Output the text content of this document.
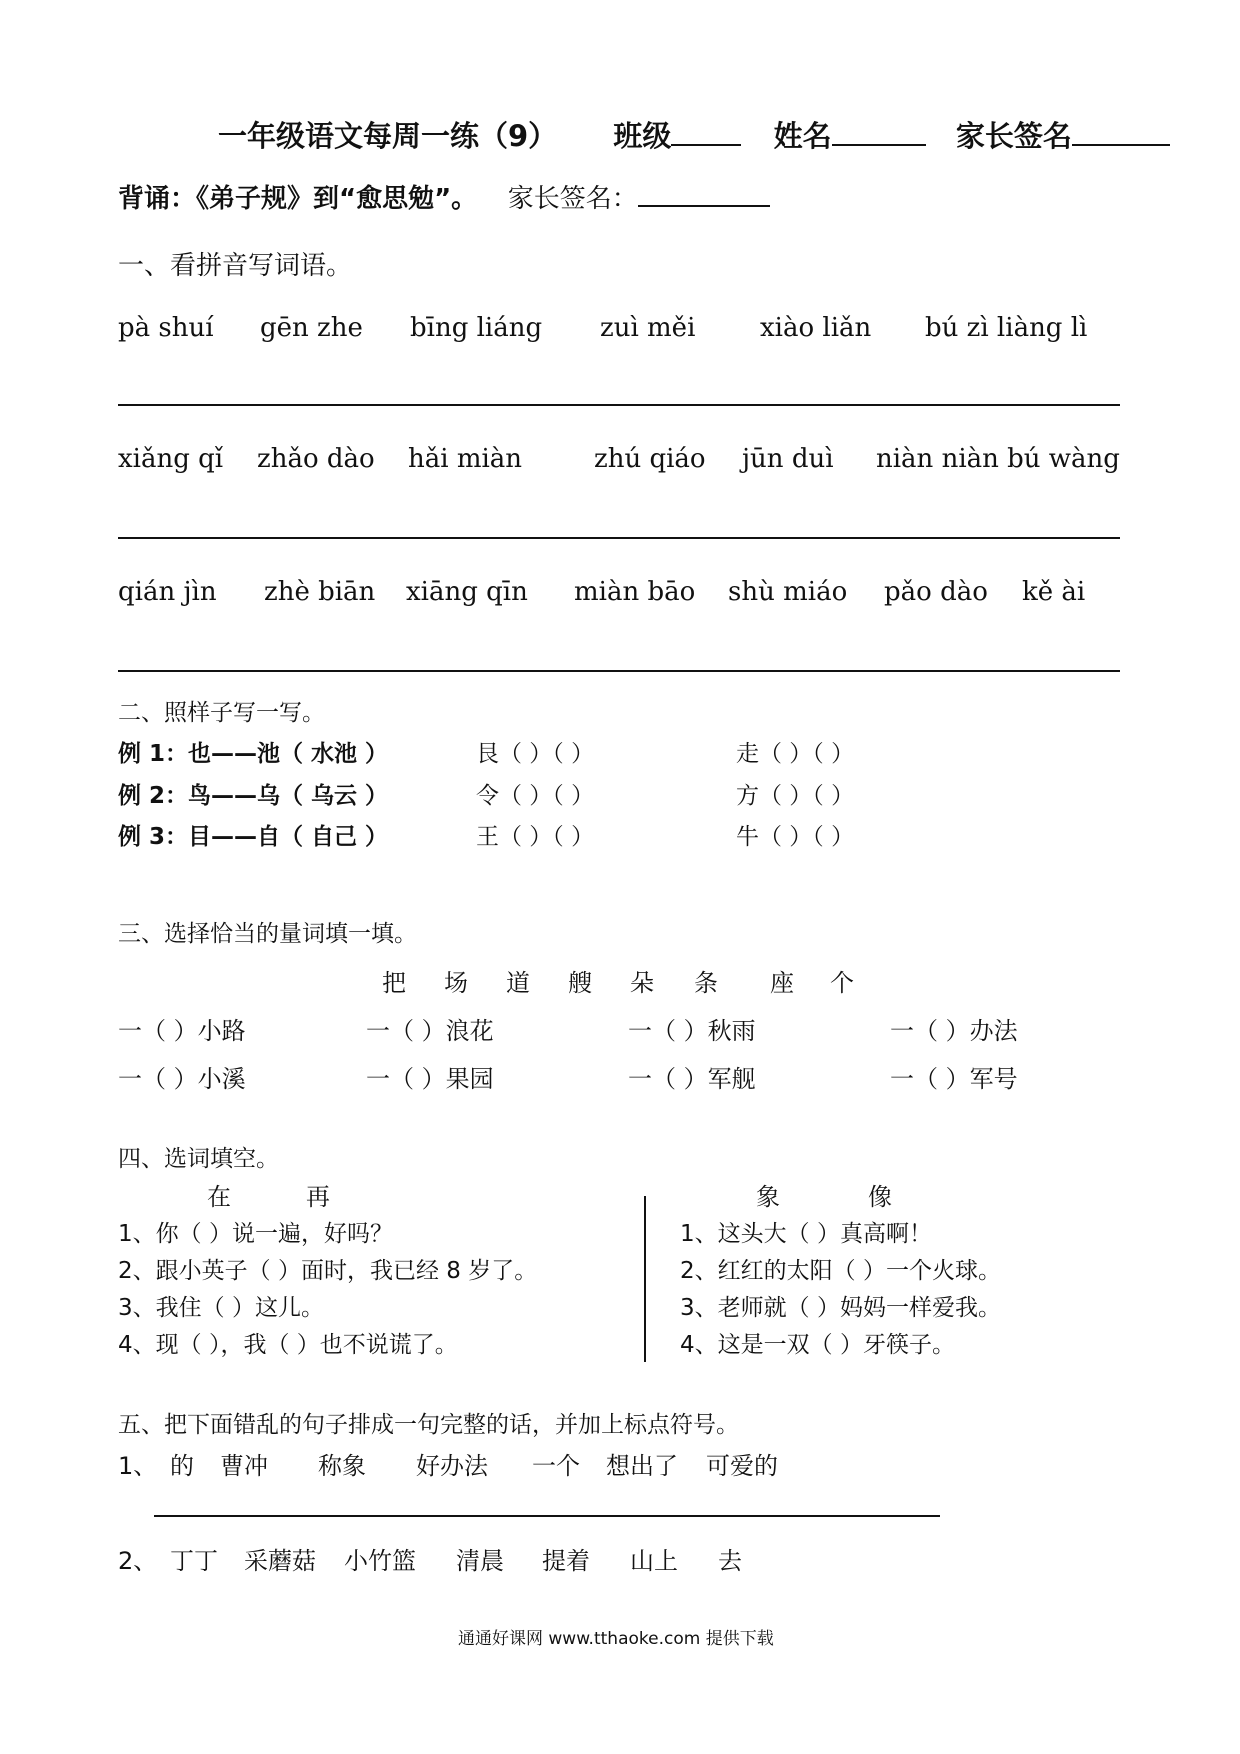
一年级语文每周一练（9） 班级	姓名	家长签名
背诵：《弟子规》到“愈思勉”。 家长签名：
一、看拼音写词语。
pà shuí gēn zhe bīng liáng zuì měi xiào liǎn bú zì liàng lì
xiǎng qǐ zhǎo dào hǎi miàn	zhú qiáo jūn duì niàn niàn bú wàng
qián jìn zhè biān xiāng qīn miàn bāo shù miáo pǎo dào kě ài
二、照样子写一写。
例 1：也——池（ 水池 ）	艮（ ）（ ）	走（ ）（ ）
例 2：鸟——乌（ 乌云 ）	令（ ）（ ）	方（ ）（ ）
例 3：目——自（ 自己 ）	王（ ）（ ）	牛（ ）（ ）
三、选择恰当的量词填一填。
把 场 道 艘 朵 条 座 个
一（ ）小路	一（ ）浪花	一（ ）秋雨	一（ ）办法
一（ ）小溪	一（ ）果园	一（ ）军舰	一（ ）军号
四、选词填空。
在	再
1、你（ ）说一遍，好吗？
2、跟小英子（ ）面时，我已经 8 岁了。
3、我住（ ）这儿。
4、现（ ），我（ ）也不说谎了。
象	像
1、这头大（ ）真高啊！
2、红红的太阳（ ）一个火球。
3、老师就（ ）妈妈一样爱我。
4、这是一双（ ）牙筷子。
五、把下面错乱的句子排成一句完整的话，并加上标点符号。
1、 的 曹冲 称象 好办法 一个 想出了 可爱的
2、 丁丁 采蘑菇 小竹篮 清晨 提着 山上 去
通通好课网 www.tthaoke.com 提供下载
